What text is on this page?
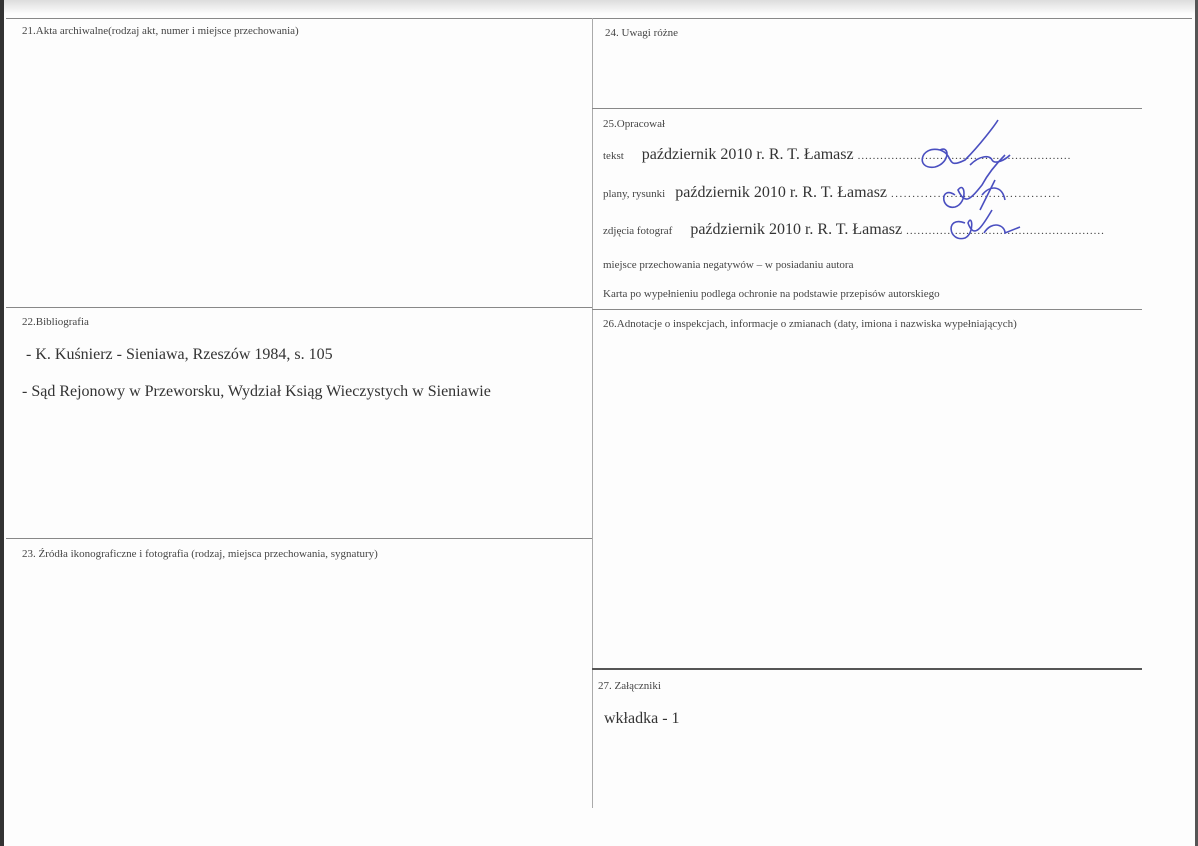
21.Akta archiwalne(rodzaj akt, numer i miejsce przechowania)
22.Bibliografia
- K. Kuśnierz - Sieniawa, Rzeszów 1984, s. 105
- Sąd Rejonowy w Przeworsku, Wydział Ksiąg Wieczystych w Sieniawie
23. Źródła ikonograficzne i fotografia (rodzaj, miejsca przechowania, sygnatury)
24. Uwagi różne
25.Opracował
tekst październik 2010 r. R. T. Łamasz .........................................................
plany, rysunki październik 2010 r. R. T. Łamasz ........................................
zdjęcia fotograf październik 2010 r. R. T. Łamasz .....................................................
miejsce przechowania negatywów – w posiadaniu autora
Karta po wypełnieniu podlega ochronie na podstawie przepisów autorskiego
26.Adnotacje o inspekcjach, informacje o zmianach (daty, imiona i nazwiska wypełniających)
27. Załączniki
wkładka - 1
